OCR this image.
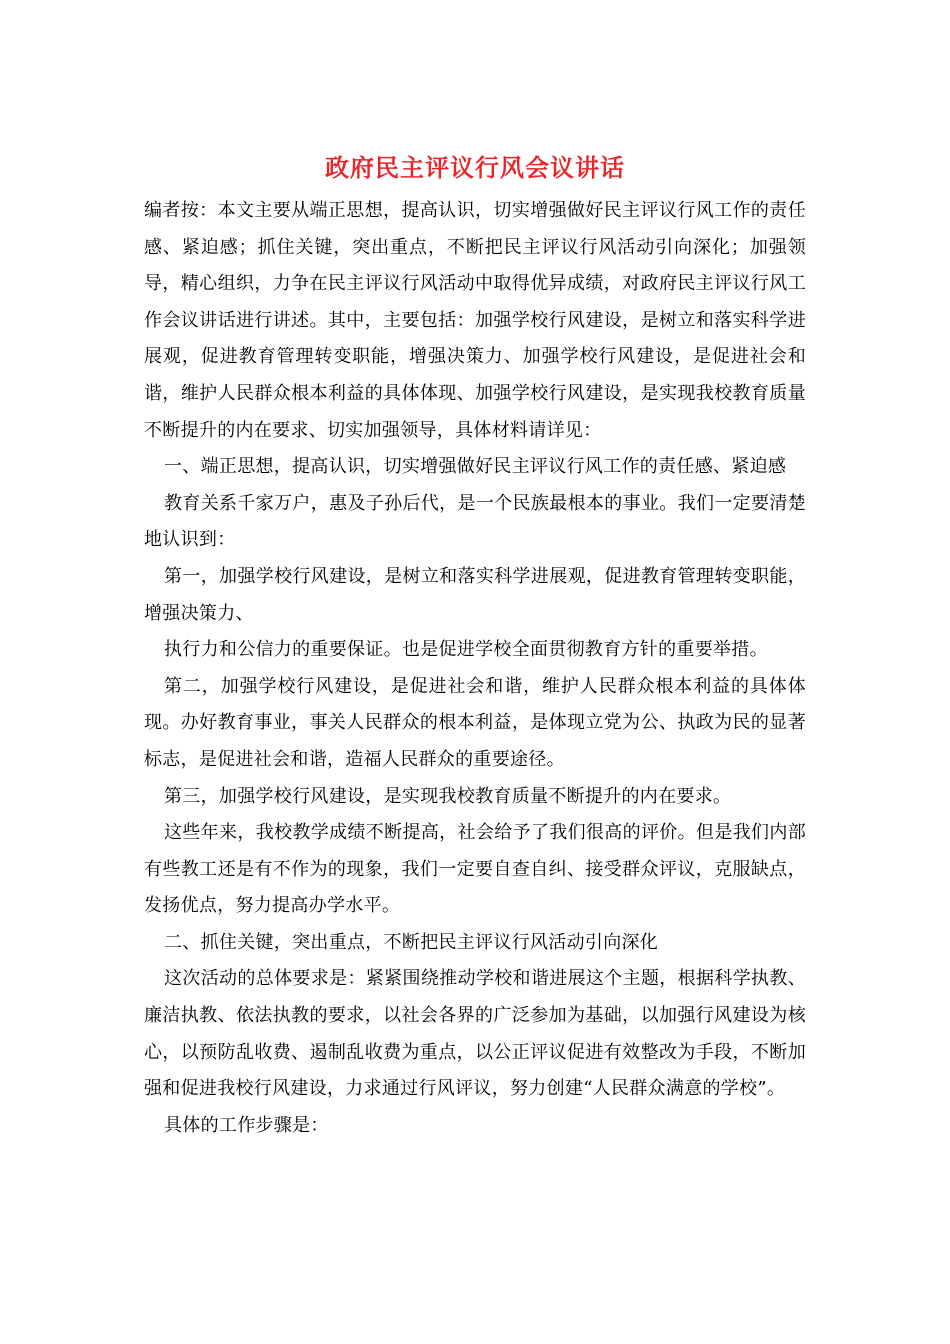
政府民主评议行风会议讲话

编者按：本文主要从端正思想，提高认识，切实增强做好民主评议行风工作的责任感、紧迫感；抓住关键，突出重点，不断把民主评议行风活动引向深化；加强领导，精心组织，力争在民主评议行风活动中取得优异成绩，对政府民主评议行风工作会议讲话进行讲述。其中，主要包括：加强学校行风建设，是树立和落实科学进展观，促进教育管理转变职能，增强决策力、加强学校行风建设，是促进社会和谐，维护人民群众根本利益的具体体现、加强学校行风建设，是实现我校教育质量不断提升的内在要求、切实加强领导，具体材料请详见：

一、端正思想，提高认识，切实增强做好民主评议行风工作的责任感、紧迫感

教育关系千家万户，惠及子孙后代，是一个民族最根本的事业。我们一定要清楚地认识到：

第一，加强学校行风建设，是树立和落实科学进展观，促进教育管理转变职能，增强决策力、

执行力和公信力的重要保证。也是促进学校全面贯彻教育方针的重要举措。

第二，加强学校行风建设，是促进社会和谐，维护人民群众根本利益的具体体现。办好教育事业，事关人民群众的根本利益，是体现立党为公、执政为民的显著标志，是促进社会和谐，造福人民群众的重要途径。

第三，加强学校行风建设，是实现我校教育质量不断提升的内在要求。

这些年来，我校教学成绩不断提高，社会给予了我们很高的评价。但是我们内部有些教工还是有不作为的现象，我们一定要自查自纠、接受群众评议，克服缺点，发扬优点，努力提高办学水平。

二、抓住关键，突出重点，不断把民主评议行风活动引向深化

这次活动的总体要求是：紧紧围绕推动学校和谐进展这个主题，根据科学执教、廉洁执教、依法执教的要求，以社会各界的广泛参加为基础，以加强行风建设为核心，以预防乱收费、遏制乱收费为重点，以公正评议促进有效整改为手段，不断加强和促进我校行风建设，力求通过行风评议，努力创建“人民群众满意的学校”。

具体的工作步骤是：
